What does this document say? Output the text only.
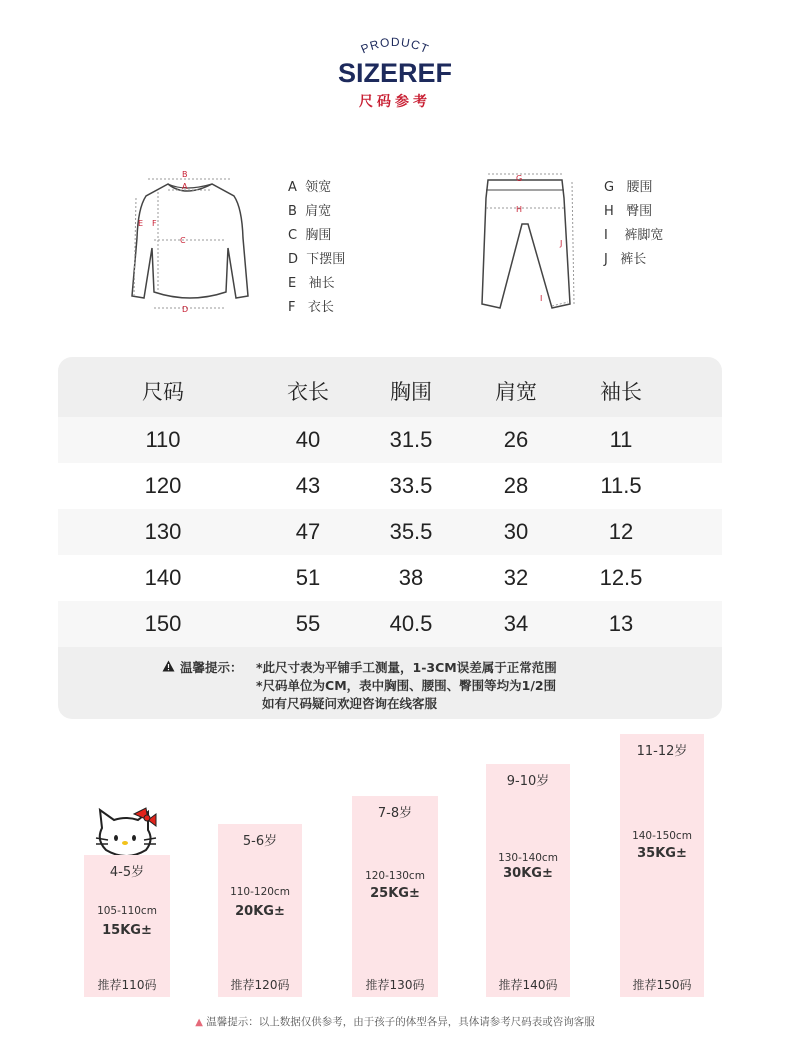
PRODUCT
SIZEREF
尺码参考
B
A
C
D
E F
A  领宽
B  肩宽
C  胸围
D  下摆围
E   袖长
F   衣长
G
H
I
J
G   腰围
H   臀围
I    裤脚宽
J   裤长
尺码	衣长	胸围	肩宽	袖长
110	40	31.5	26	11
120	43	33.5	28	11.5
130	47	35.5	30	12
140	51	38	32	12.5
150	55	40.5	34	13
温馨提示： *此尺寸表为平铺手工测量，1-3CM误差属于正常范围
*尺码单位为CM，表中胸围、腰围、臀围等均为1/2围
如有尺码疑问欢迎咨询在线客服
4-5岁
105-110cm
15KG±
推荐110码
5-6岁
110-120cm
20KG±
推荐120码
7-8岁
120-130cm
25KG±
推荐130码
9-10岁
130-140cm
30KG±
推荐140码
11-12岁
140-150cm
35KG±
推荐150码
▲ 温馨提示：以上数据仅供参考，由于孩子的体型各异，具体请参考尺码表或咨询客服
